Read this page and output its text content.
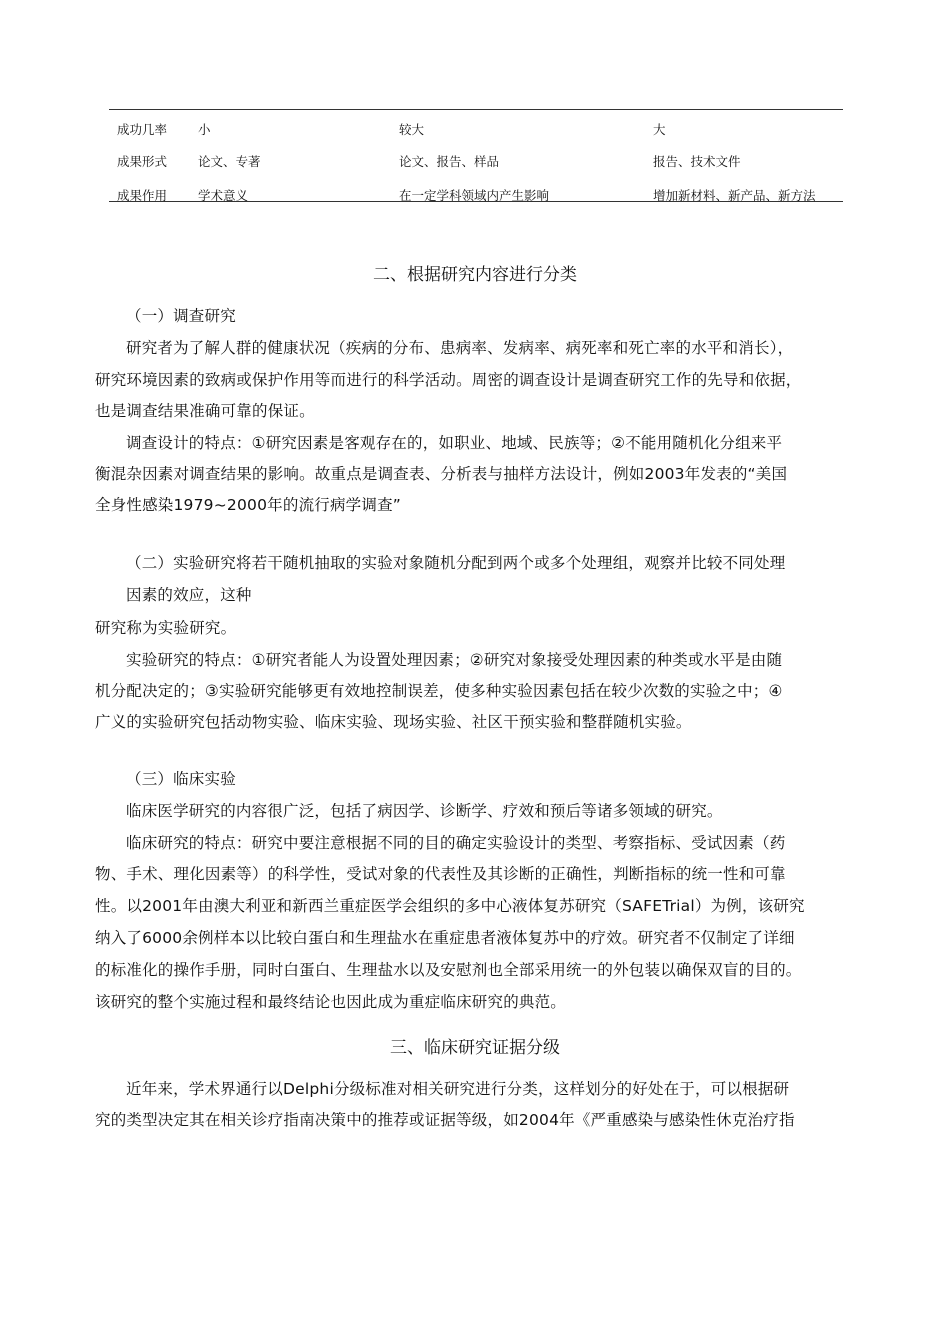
成功几率 小	较大	大
成果形式 论文、专著	论文、报告、样品	报告、技术文件
成果作用 学术意义	在一定学科领域内产生影响	增加新材料、新产品、新方法
二、根据研究内容进行分类
（一）调查研究
研究者为了解人群的健康状况（疾病的分布、患病率、发病率、病死率和死亡率的水平和消长），
研究环境因素的致病或保护作用等而进行的科学活动。周密的调查设计是调查研究工作的先导和依据，
也是调查结果准确可靠的保证。
调查设计的特点：①研究因素是客观存在的，如职业、地域、民族等；②不能用随机化分组来平
衡混杂因素对调查结果的影响。故重点是调查表、分析表与抽样方法设计，例如2003年发表的“美国
全身性感染1979~2000年的流行病学调查”
（二）实验研究将若干随机抽取的实验对象随机分配到两个或多个处理组，观察并比较不同处理
因素的效应，这种
研究称为实验研究。
实验研究的特点：①研究者能人为设置处理因素；②研究对象接受处理因素的种类或水平是由随
机分配决定的；③实验研究能够更有效地控制误差，使多种实验因素包括在较少次数的实验之中；④
广义的实验研究包括动物实验、临床实验、现场实验、社区干预实验和整群随机实验。
（三）临床实验
临床医学研究的内容很广泛，包括了病因学、诊断学、疗效和预后等诸多领域的研究。
临床研究的特点：研究中要注意根据不同的目的确定实验设计的类型、考察指标、受试因素（药
物、手术、理化因素等）的科学性，受试对象的代表性及其诊断的正确性，判断指标的统一性和可靠
性。以2001年由澳大利亚和新西兰重症医学会组织的多中心液体复苏研究（SAFETrial）为例，该研究
纳入了6000余例样本以比较白蛋白和生理盐水在重症患者液体复苏中的疗效。研究者不仅制定了详细
的标准化的操作手册，同时白蛋白、生理盐水以及安慰剂也全部采用统一的外包装以确保双盲的目的。
该研究的整个实施过程和最终结论也因此成为重症临床研究的典范。
三、临床研究证据分级
近年来，学术界通行以Delphi分级标准对相关研究进行分类，这样划分的好处在于，可以根据研
究的类型决定其在相关诊疗指南决策中的推荐或证据等级，如2004年《严重感染与感染性休克治疗指
